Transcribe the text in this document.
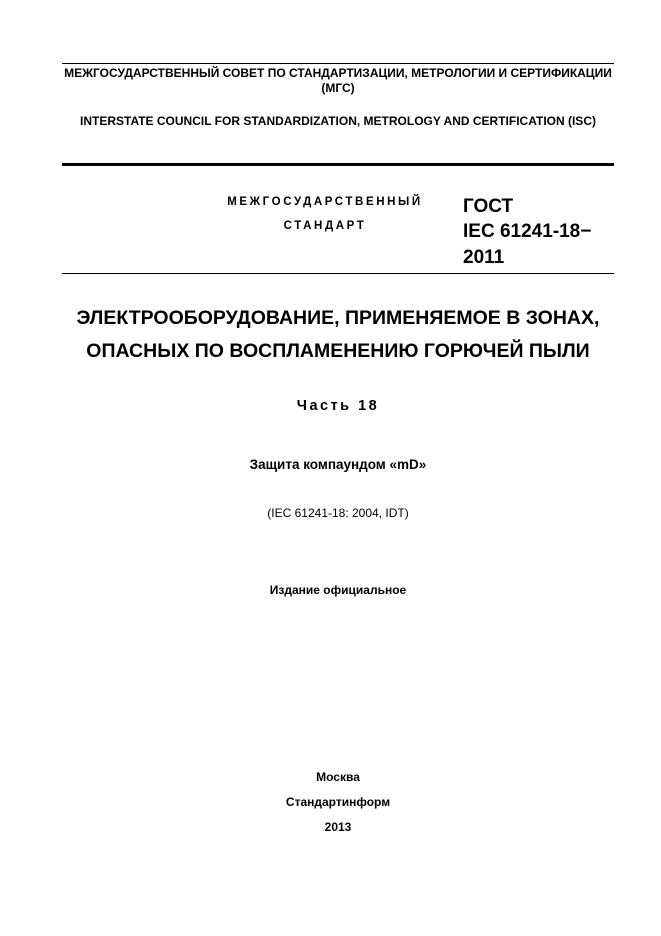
МЕЖГОСУДАРСТВЕННЫЙ СОВЕТ ПО СТАНДАРТИЗАЦИИ, МЕТРОЛОГИИ И СЕРТИФИКАЦИИ (МГС)
INTERSTATE COUNCIL FOR STANDARDIZATION, METROLOGY AND CERTIFICATION (ISC)
МЕЖГОСУДАРСТВЕННЫЙ
СТАНДАРТ
ГОСТ
IEC 61241-18−
2011
ЭЛЕКТРООБОРУДОВАНИЕ, ПРИМЕНЯЕМОЕ В ЗОНАХ,
ОПАСНЫХ ПО ВОСПЛАМЕНЕНИЮ ГОРЮЧЕЙ ПЫЛИ
Часть 18
Защита компаундом «mD»
(IEC 61241-18: 2004, IDT)
Издание официальное
Москва
Стандартинформ
2013
